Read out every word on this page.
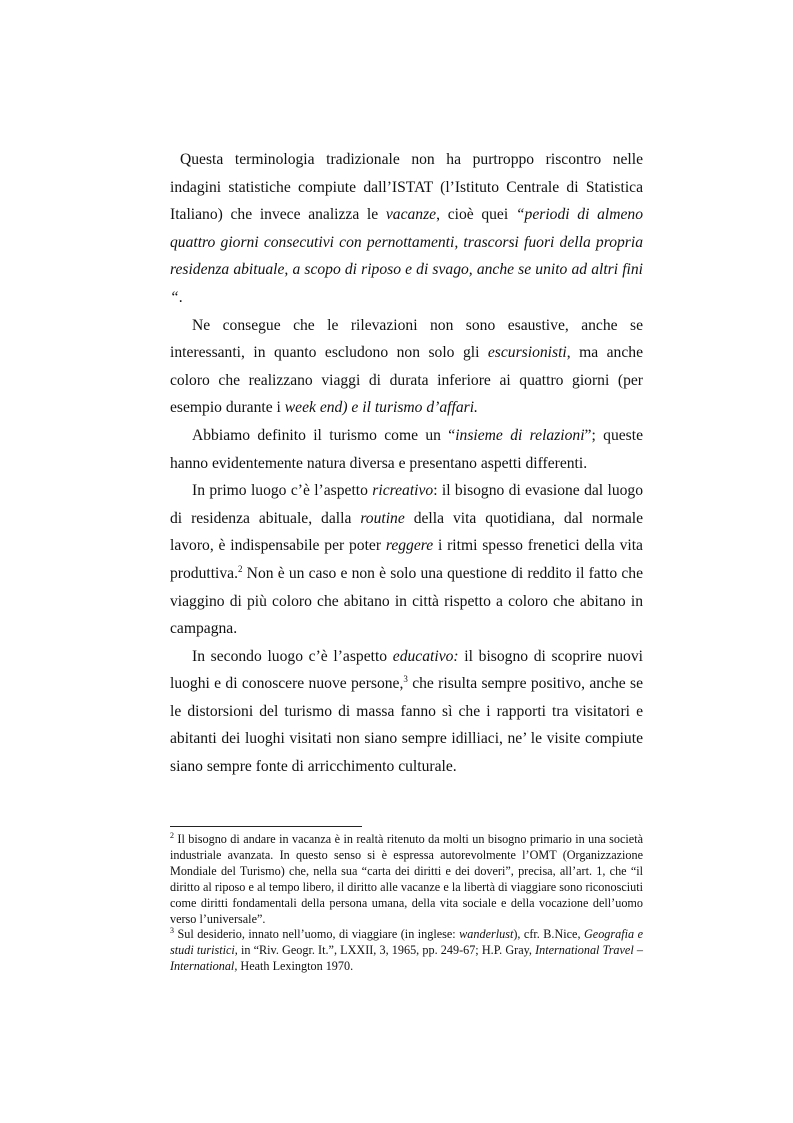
Questa terminologia tradizionale non ha purtroppo riscontro nelle indagini statistiche compiute dall’ISTAT (l’Istituto Centrale di Statistica Italiano) che invece analizza le vacanze, cioè quei “periodi di almeno quattro giorni consecutivi con pernottamenti, trascorsi fuori della propria residenza abituale, a scopo di riposo e di svago, anche se unito ad altri fini “.

Ne consegue che le rilevazioni non sono esaustive, anche se interessanti, in quanto escludono non solo gli escursionisti, ma anche coloro che realizzano viaggi di durata inferiore ai quattro giorni (per esempio durante i week end) e il turismo d’affari.

Abbiamo definito il turismo come un “insieme di relazioni”; queste hanno evidentemente natura diversa e presentano aspetti differenti.

In primo luogo c’è l’aspetto ricreativo: il bisogno di evasione dal luogo di residenza abituale, dalla routine della vita quotidiana, dal normale lavoro, è indispensabile per poter reggere i ritmi spesso frenetici della vita produttiva.$^2$ Non è un caso e non è solo una questione di reddito il fatto che viaggino di più coloro che abitano in città rispetto a coloro che abitano in campagna.

In secondo luogo c’è l’aspetto educativo: il bisogno di scoprire nuovi luoghi e di conoscere nuove persone,$^3$ che risulta sempre positivo, anche se le distorsioni del turismo di massa fanno sì che i rapporti tra visitatori e abitanti dei luoghi visitati non siano sempre idilliaci, ne’ le visite compiute siano sempre fonte di arricchimento culturale.

$^2$ Il bisogno di andare in vacanza è in realtà ritenuto da molti un bisogno primario in una società industriale avanzata. In questo senso si è espressa autorevolmente l’OMT (Organizzazione Mondiale del Turismo) che, nella sua “carta dei diritti e dei doveri”, precisa, all’art. 1, che “il diritto al riposo e al tempo libero, il diritto alle vacanze e la libertà di viaggiare sono riconosciuti come diritti fondamentali della persona umana, della vita sociale e della vocazione dell’uomo verso l’universale”.

$^3$ Sul desiderio, innato nell’uomo, di viaggiare (in inglese: wanderlust), cfr. B.Nice, Geografia e studi turistici, in “Riv. Geogr. It.”, LXXII, 3, 1965, pp. 249-67; H.P. Gray, International Travel – International, Heath Lexington 1970.
